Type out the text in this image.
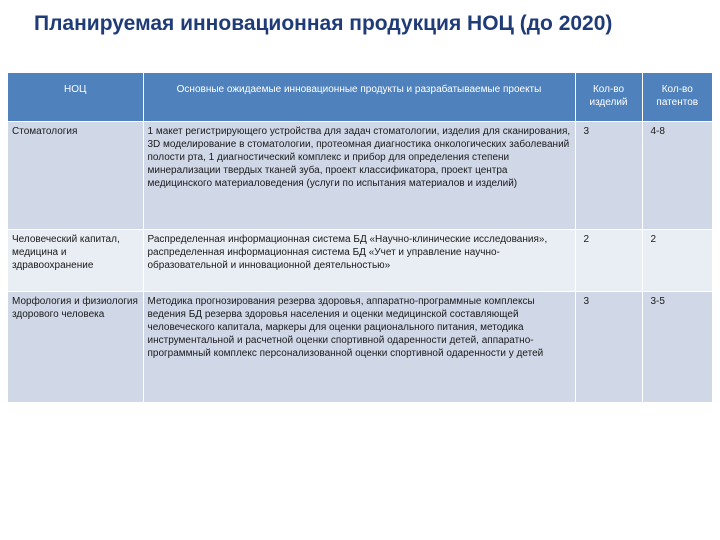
Планируемая инновационная продукция НОЦ (до 2020)
НОЦ	Основные ожидаемые инновационные продукты и разрабатываемые проекты	Кол-во изделий	Кол-во патентов
Стоматология	1 макет регистрирующего устройства для задач стоматологии, изделия для сканирования, 3D моделирование в стоматологии, протеомная диагностика онкологических заболеваний полости рта, 1 диагностический комплекс и прибор для определения степени минерализации твердых тканей зуба, проект классификатора, проект центра медицинского материаловедения (услуги по испытания материалов и изделий)	3	4-8
Человеческий капитал, медицина и здравоохранение	Распределенная информационная система БД «Научно-клинические исследования», распределенная информационная система БД «Учет и управление научно-образовательной и инновационной деятельностью»	2	2
Морфология и физиология здорового человека	Методика прогнозирования резерва здоровья, аппаратно-программные комплексы ведения БД резерва здоровья населения и оценки медицинской составляющей человеческого капитала, маркеры для оценки рационального питания, методика инструментальной и расчетной оценки спортивной одаренности детей, аппаратно-программный комплекс персонализованной оценки спортивной одаренности у детей	3	3-5
